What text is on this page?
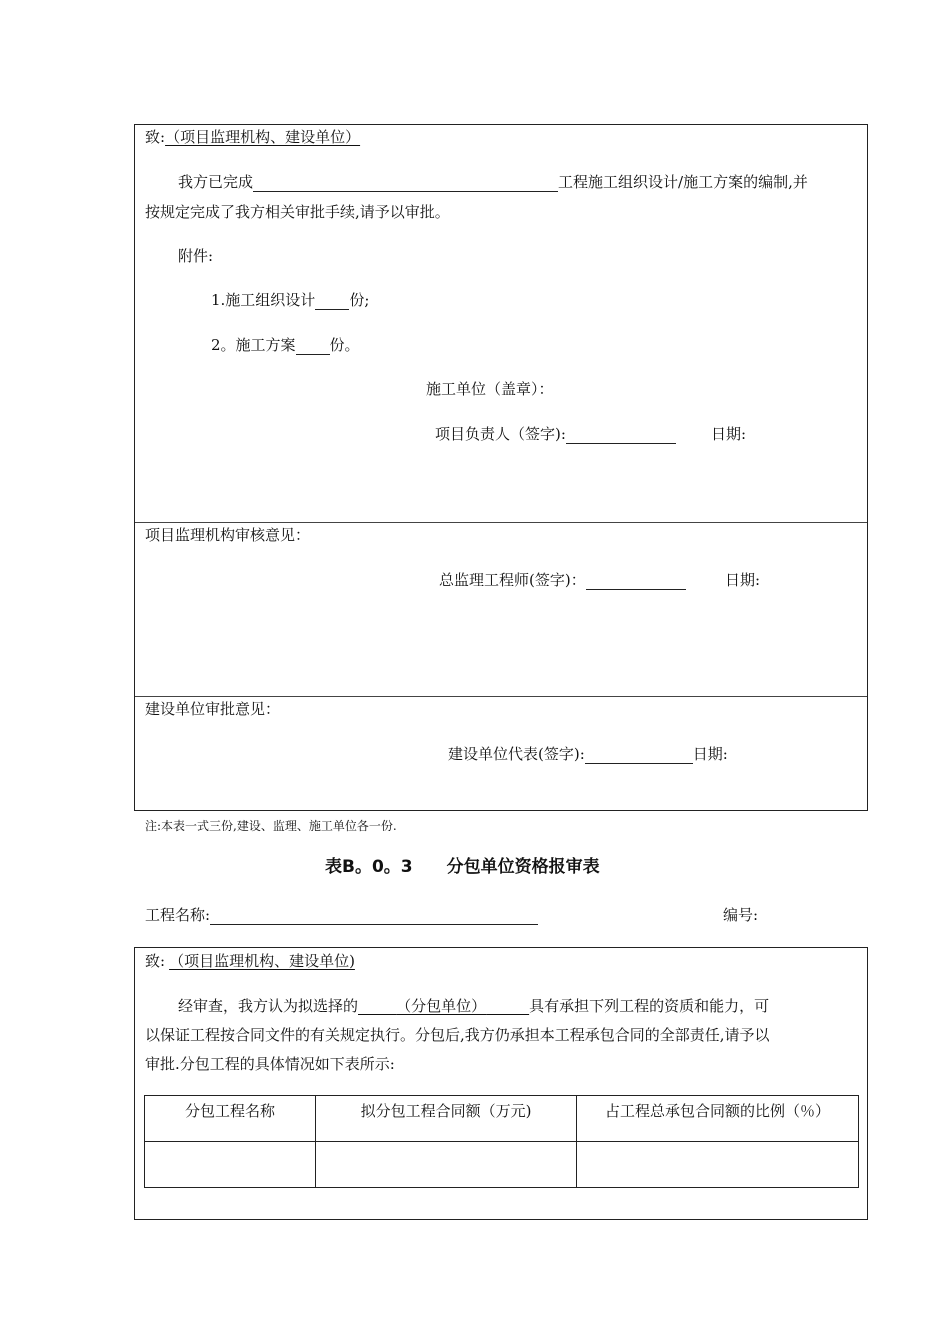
致:（项目监理机构、建设单位）
我方已完成	工程施工组织设计/施工方案的编制,并
按规定完成了我方相关审批手续,请予以审批。
附件:
1.施工组织设计 份;
2。施工方案 份。
施工单位（盖章）：
项目负责人（签字):	日期:
项目监理机构审核意见：
总监理工程师(签字)：	日期:
建设单位审批意见：
建设单位代表(签字):	日期:
注:本表一式三份,建设、监理、施工单位各一份.
表B。0。3　　分包单位资格报审表
工程名称:	编号:
致: （项目监理机构、建设单位)
经审查，我方认为拟选择的	（分包单位）	具有承担下列工程的资质和能力，可
以保证工程按合同文件的有关规定执行。分包后,我方仍承担本工程承包合同的全部责任,请予以
审批.分包工程的具体情况如下表所示:
分包工程名称	拟分包工程合同额（万元)	占工程总承包合同额的比例（％）
